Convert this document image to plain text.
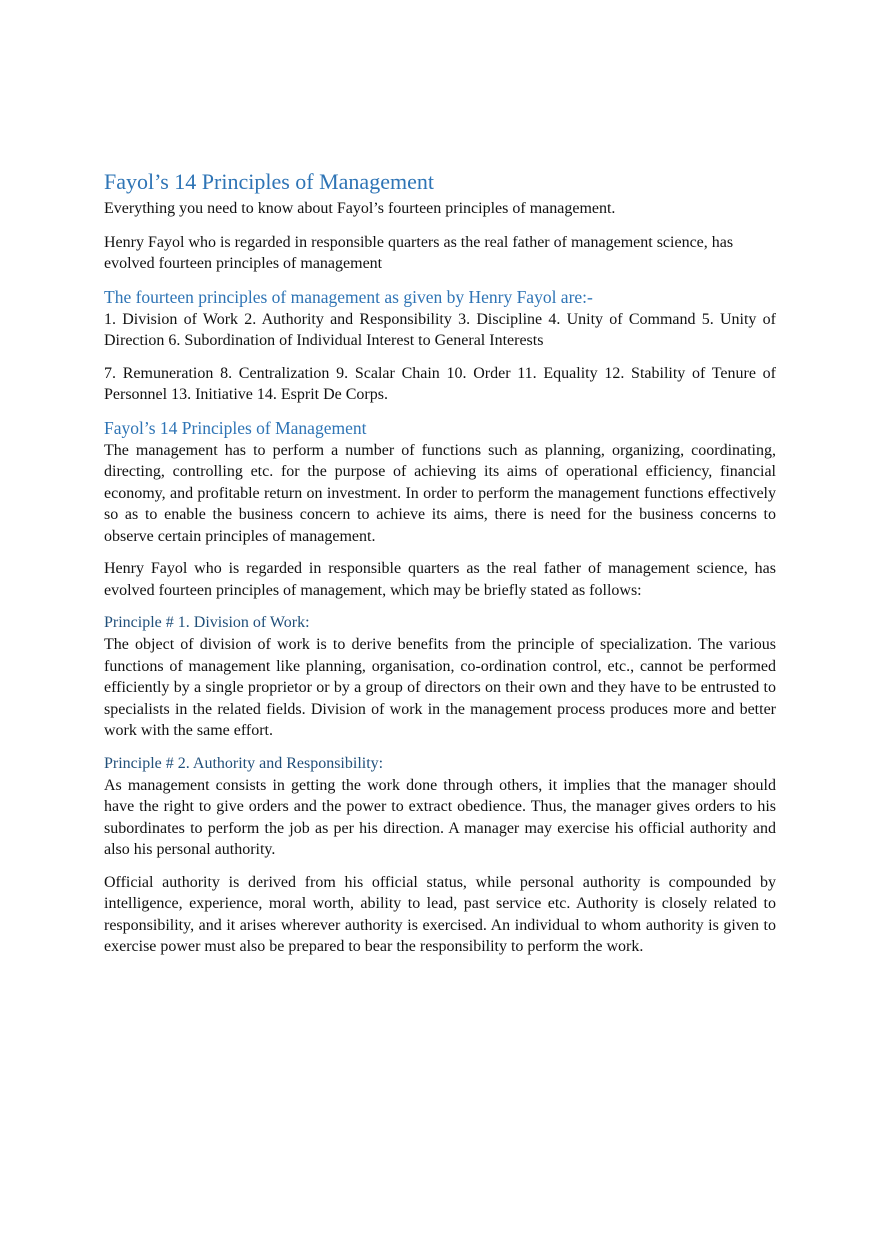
Fayol’s 14 Principles of Management

Everything you need to know about Fayol’s fourteen principles of management.

Henry Fayol who is regarded in responsible quarters as the real father of management science, has evolved fourteen principles of management

The fourteen principles of management as given by Henry Fayol are:-

1. Division of Work 2. Authority and Responsibility 3. Discipline 4. Unity of Command 5. Unity of Direction 6. Subordination of Individual Interest to General Interests

7. Remuneration 8. Centralization 9. Scalar Chain 10. Order 11. Equality 12. Stability of Tenure of Personnel 13. Initiative 14. Esprit De Corps.

Fayol’s 14 Principles of Management

The management has to perform a number of functions such as planning, organizing, coordinating, directing, controlling etc. for the purpose of achieving its aims of operational efficiency, financial economy, and profitable return on investment. In order to perform the management functions effectively so as to enable the business concern to achieve its aims, there is need for the business concerns to observe certain principles of management.

Henry Fayol who is regarded in responsible quarters as the real father of management science, has evolved fourteen principles of management, which may be briefly stated as follows:

Principle # 1. Division of Work:

The object of division of work is to derive benefits from the principle of specialization. The various functions of management like planning, organisation, co-ordination control, etc., cannot be performed efficiently by a single proprietor or by a group of directors on their own and they have to be entrusted to specialists in the related fields. Division of work in the management process produces more and better work with the same effort.

Principle # 2. Authority and Responsibility:

As management consists in getting the work done through others, it implies that the manager should have the right to give orders and the power to extract obedience. Thus, the manager gives orders to his subordinates to perform the job as per his direction. A manager may exercise his official authority and also his personal authority.

Official authority is derived from his official status, while personal authority is compounded by intelligence, experience, moral worth, ability to lead, past service etc. Authority is closely related to responsibility, and it arises wherever authority is exercised. An individual to whom authority is given to exercise power must also be prepared to bear the responsibility to perform the work.
